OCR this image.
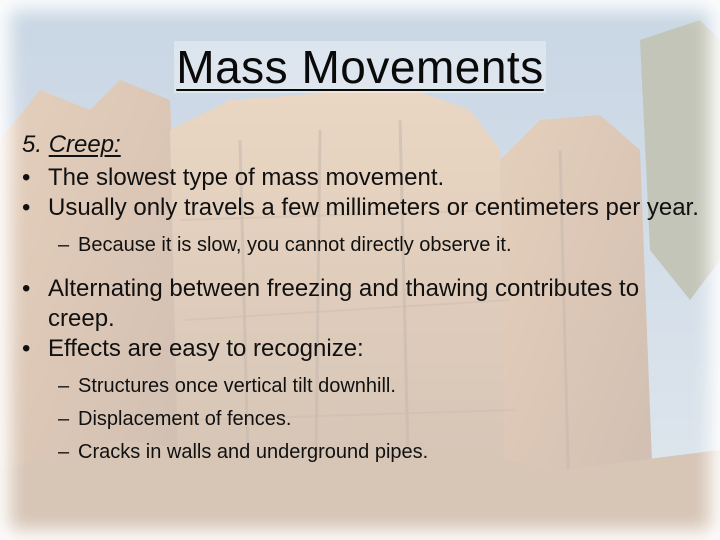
Mass Movements

5. Creep:

• The slowest type of mass movement.

• Usually only travels a few millimeters or centimeters per year.

– Because it is slow, you cannot directly observe it.

• Alternating between freezing and thawing contributes to creep.

• Effects are easy to recognize:

– Structures once vertical tilt downhill.

– Displacement of fences.

– Cracks in walls and underground pipes.
